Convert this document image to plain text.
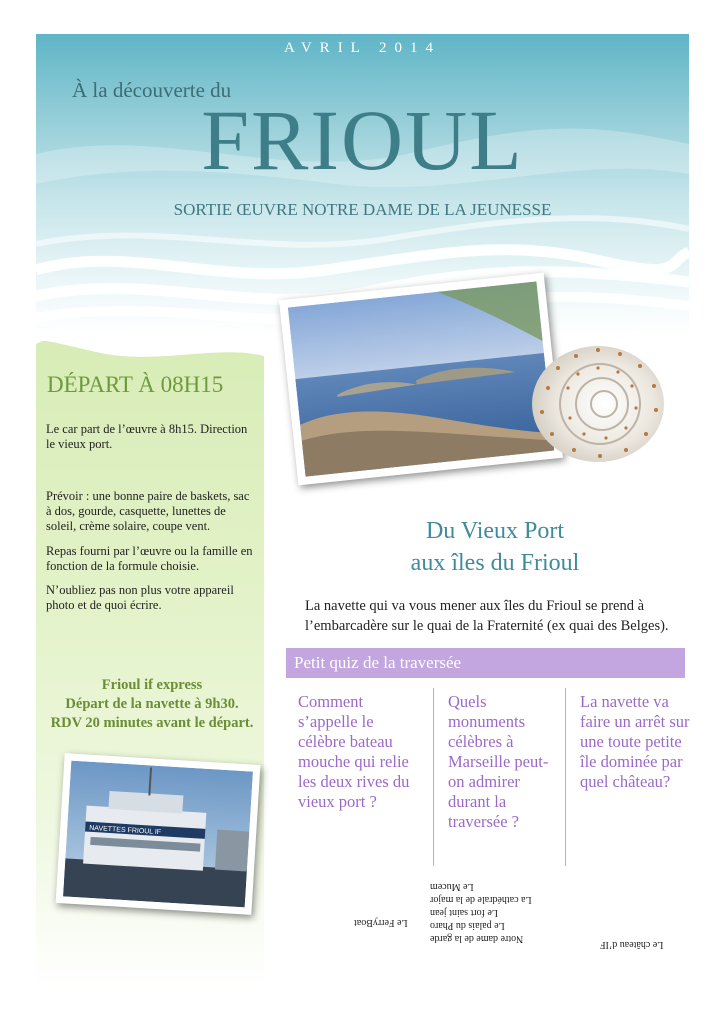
AVRIL 2014
À la découverte du
FRIOUL
SORTIE ŒUVRE NOTRE DAME DE LA JEUNESSE
DÉPART À 08H15

Le car part de l’œuvre à 8h15. Direction le vieux port.

Prévoir : une bonne paire de baskets, sac à dos, gourde, casquette, lunettes de soleil, crème solaire, coupe vent.

Repas fourni par l’œuvre ou la famille en fonction de la formule choisie.

N’oubliez pas non plus votre appareil photo et de quoi écrire.

Frioul if express
Départ de la navette à 9h30.
RDV 20 minutes avant le départ.
NAVETTES FRIOUL IF
Du Vieux Port
aux îles du Frioul

La navette qui va vous mener aux îles du Frioul se prend à l’embarcadère sur le quai de la Fraternité (ex quai des Belges).

Petit quiz de la traversée

Comment s’appelle le célèbre bateau mouche qui relie les deux rives du vieux port ?

Quels monuments célèbres à Marseille peut-on admirer durant la traversée ?

La navette va faire un arrêt sur une toute petite île dominée par quel château?

Le FerryBoat

Notre dame de la garde
Le palais du Pharo
Le fort saint jean
La cathédrale de la major
Le Mucem

Le château d’IF
